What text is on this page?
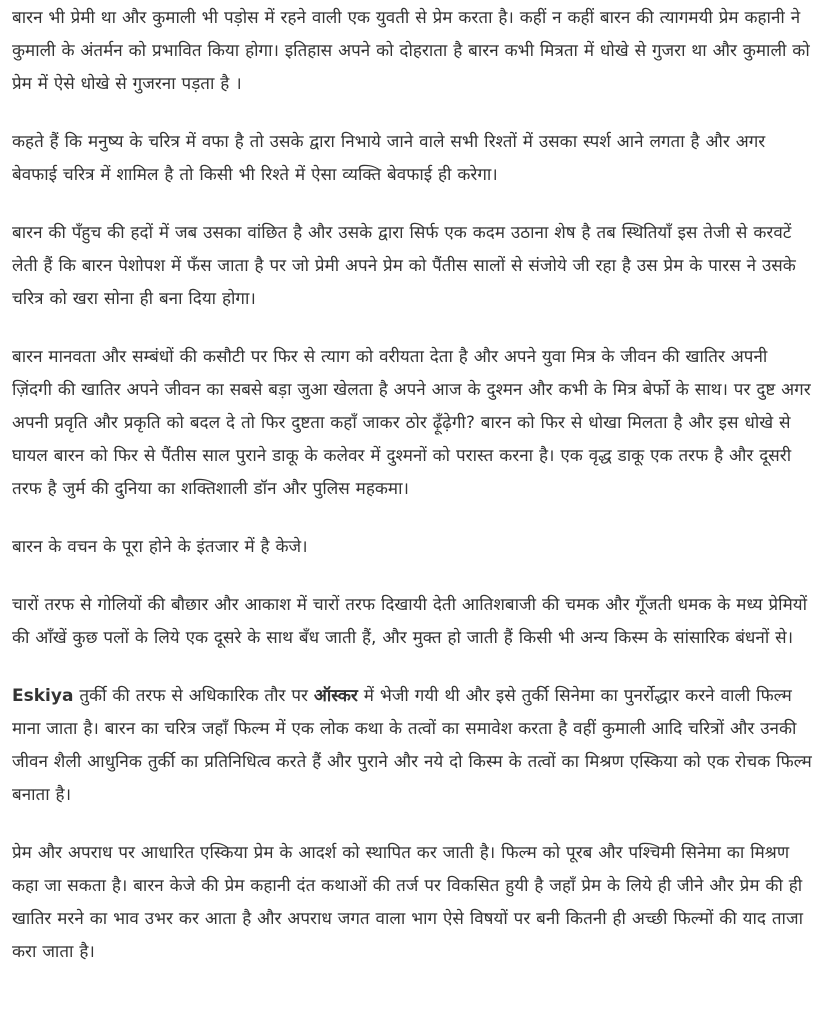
बारन भी प्रेमी था और कुमाली भी पड़ोस में रहने वाली एक युवती से प्रेम करता है। कहीं न कहीं बारन की त्यागमयी प्रेम कहानी ने कुमाली के अंतर्मन को प्रभावित किया होगा। इतिहास अपने को दोहराता है बारन कभी मित्रता में धोखे से गुजरा था और कुमाली को प्रेम में ऐसे धोखे से गुजरना पड़ता है ।

कहते हैं कि मनुष्य के चरित्र में वफा है तो उसके द्वारा निभाये जाने वाले सभी रिश्तों में उसका स्पर्श आने लगता है और अगर बेवफाई चरित्र में शामिल है तो किसी भी रिश्ते में ऐसा व्यक्ति बेवफाई ही करेगा।

बारन की पँहुच की हदों में जब उसका वांछित है और उसके द्वारा सिर्फ एक कदम उठाना शेष है तब स्थितियाँ इस तेजी से करवटें लेती हैं कि बारन पेशोपश में फँस जाता है पर जो प्रेमी अपने प्रेम को पैंतीस सालों से संजोये जी रहा है उस प्रेम के पारस ने उसके चरित्र को खरा सोना ही बना दिया होगा।

बारन मानवता और सम्बंधों की कसौटी पर फिर से त्याग को वरीयता देता है और अपने युवा मित्र के जीवन की खातिर अपनी ज़िंदगी की खातिर अपने जीवन का सबसे बड़ा जुआ खेलता है अपने आज के दुश्मन और कभी के मित्र बेर्फो के साथ। पर दुष्ट अगर अपनी प्रवृति और प्रकृति को बदल दे तो फिर दुष्टता कहाँ जाकर ठोर ढ़ूँढ़ेगी? बारन को फिर से धोखा मिलता है और इस धोखे से घायल बारन को फिर से पैंतीस साल पुराने डाकू के कलेवर में दुश्मनों को परास्त करना है। एक वृद्ध डाकू एक तरफ है और दूसरी तरफ है जुर्म की दुनिया का शक्तिशाली डॉन और पुलिस महकमा।

बारन के वचन के पूरा होने के इंतजार में है केजे।

चारों तरफ से गोलियों की बौछार और आकाश में चारों तरफ दिखायी देती आतिशबाजी की चमक और गूँजती धमक के मध्य प्रेमियों की आँखें कुछ पलों के लिये एक दूसरे के साथ बँध जाती हैं, और मुक्त हो जाती हैं किसी भी अन्य किस्म के सांसारिक बंधनों से।

Eskiya तुर्की की तरफ से अधिकारिक तौर पर ऑस्कर में भेजी गयी थी और इसे तुर्की सिनेमा का पुनर्रोद्धार करने वाली फिल्म माना जाता है। बारन का चरित्र जहाँ फिल्म में एक लोक कथा के तत्वों का समावेश करता है वहीं कुमाली आदि चरित्रों और उनकी जीवन शैली आधुनिक तुर्की का प्रतिनिधित्व करते हैं और पुराने और नये दो किस्म के तत्वों का मिश्रण एस्किया को एक रोचक फिल्म बनाता है।

प्रेम और अपराध पर आधारित एस्किया प्रेम के आदर्श को स्थापित कर जाती है। फिल्म को पूरब और पश्चिमी सिनेमा का मिश्रण कहा जा सकता है। बारन केजे की प्रेम कहानी दंत कथाओं की तर्ज पर विकसित हुयी है जहाँ प्रेम के लिये ही जीने और प्रेम की ही खातिर मरने का भाव उभर कर आता है और अपराध जगत वाला भाग ऐसे विषयों पर बनी कितनी ही अच्छी फिल्मों की याद ताजा करा जाता है।
